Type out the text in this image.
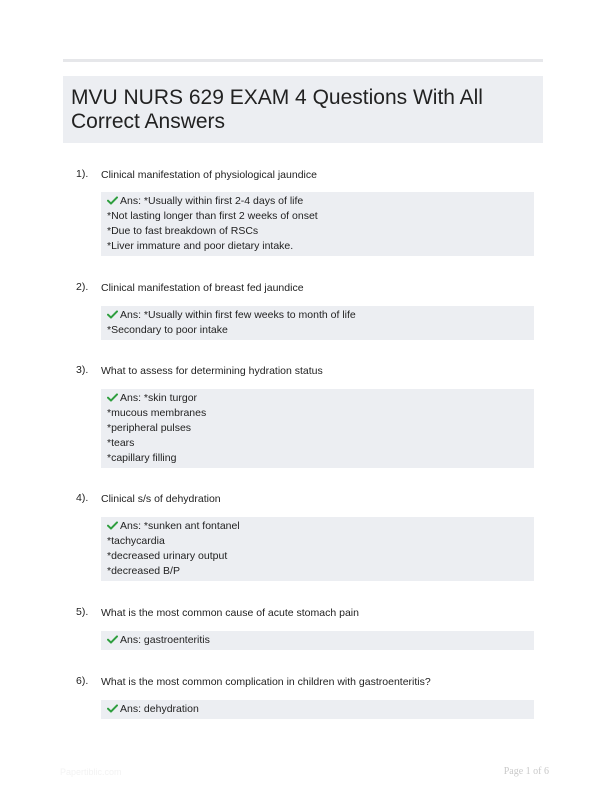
MVU NURS 629 EXAM 4 Questions With All Correct Answers
1). Clinical manifestation of physiological jaundice
Ans: *Usually within first 2-4 days of life
*Not lasting longer than first 2 weeks of onset
*Due to fast breakdown of RSCs
*Liver immature and poor dietary intake.
2). Clinical manifestation of breast fed jaundice
Ans: *Usually within first few weeks to month of life
*Secondary to poor intake
3). What to assess for determining hydration status
Ans: *skin turgor
*mucous membranes
*peripheral pulses
*tears
*capillary filling
4). Clinical s/s of dehydration
Ans: *sunken ant fontanel
*tachycardia
*decreased urinary output
*decreased B/P
5). What is the most common cause of acute stomach pain
Ans: gastroenteritis
6). What is the most common complication in children with gastroenteritis?
Ans: dehydration
Papertiblic.com	Page 1 of 6
